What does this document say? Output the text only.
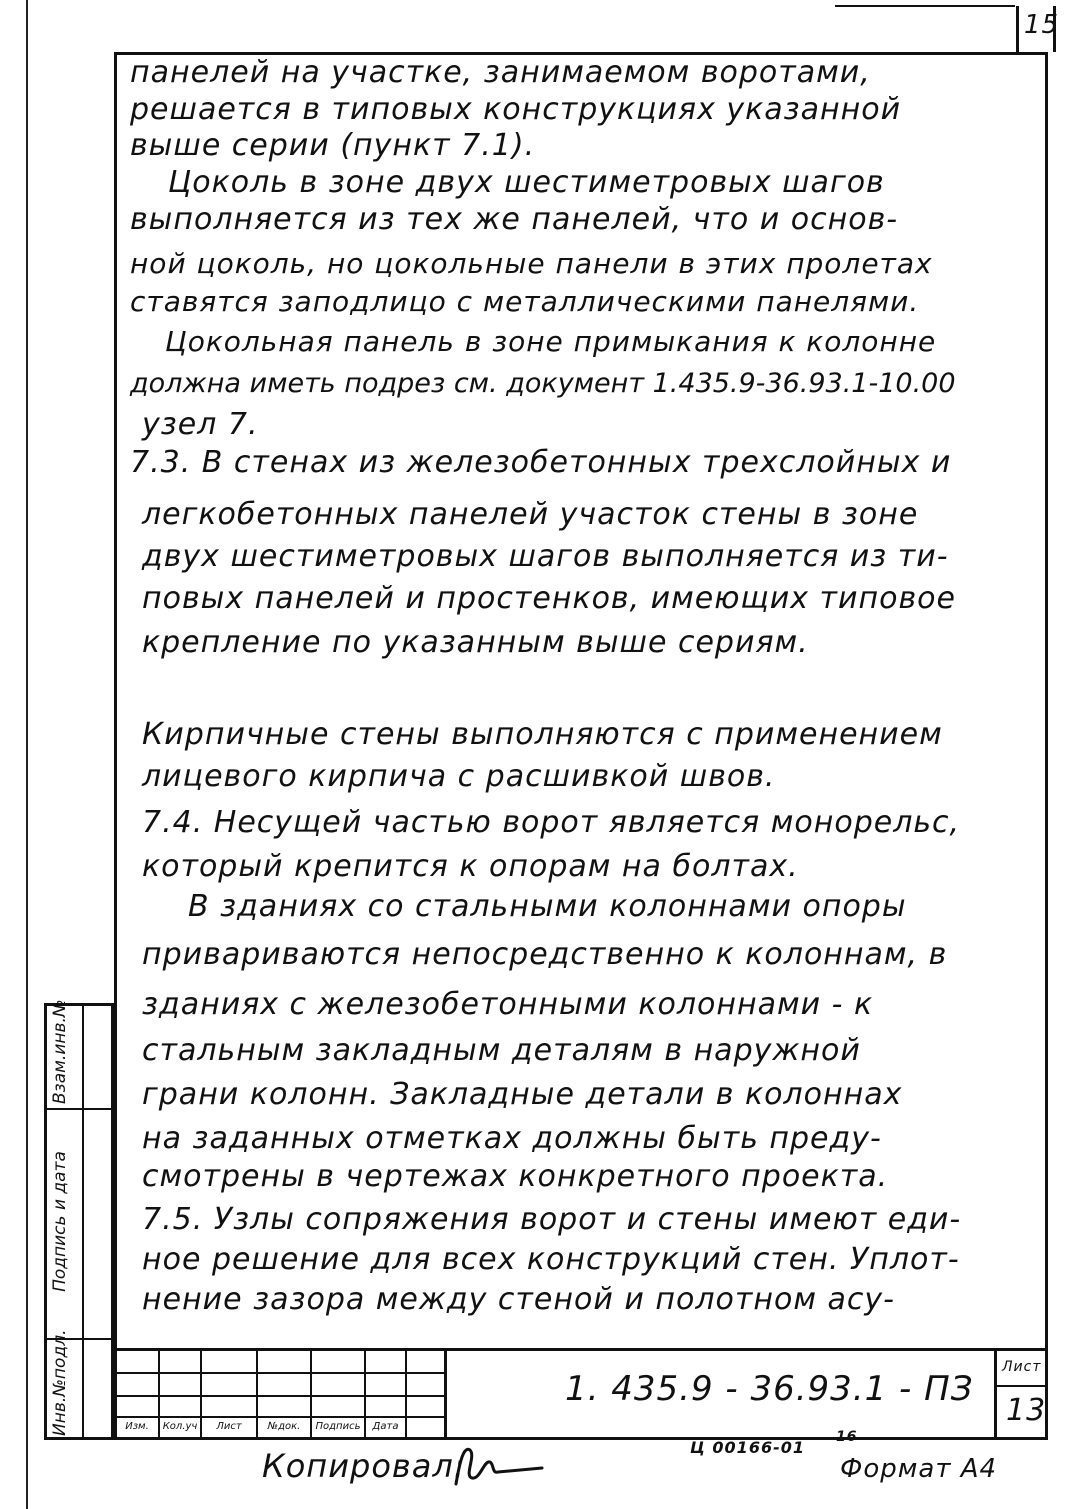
15
панелей на участке, занимаемом воротами,
решается в типовых конструкциях указанной
выше серии (пункт 7.1).
Цоколь в зоне двух шестиметровых шагов
выполняется из тех же панелей, что и основ-
ной цоколь, но цокольные панели в этих пролетах
ставятся заподлицо с металлическими панелями.
Цокольная панель в зоне примыкания к колонне
должна иметь подрез см. документ 1.435.9-36.93.1-10.00
узел 7.
7.3. В стенах из железобетонных трехслойных и
легкобетонных панелей участок стены в зоне
двух шестиметровых шагов выполняется из ти-
повых панелей и простенков, имеющих типовое
крепление по указанным выше сериям.
Кирпичные стены выполняются с применением
лицевого кирпича с расшивкой швов.
7.4. Несущей частью ворот является монорельс,
который крепится к опорам на болтах.
В зданиях со стальными колоннами опоры
привариваются непосредственно к колоннам, в
зданиях с железобетонными колоннами - к
стальным закладным деталям в наружной
грани колонн. Закладные детали в колоннах
на заданных отметках должны быть преду-
смотрены в чертежах конкретного проекта.
7.5. Узлы сопряжения ворот и стены имеют еди-
ное решение для всех конструкций стен. Уплот-
нение зазора между стеной и полотном асу-
Взам.инв.№
Подпись и дата
Инв.№подл.	Изм.	Кол.уч	Лист	№док.	Подпись	Дата
1. 435.9 - 36.93.1 - ПЗ
Лист
13
Копировал:	Ц 00166-01
16
Формат А4
